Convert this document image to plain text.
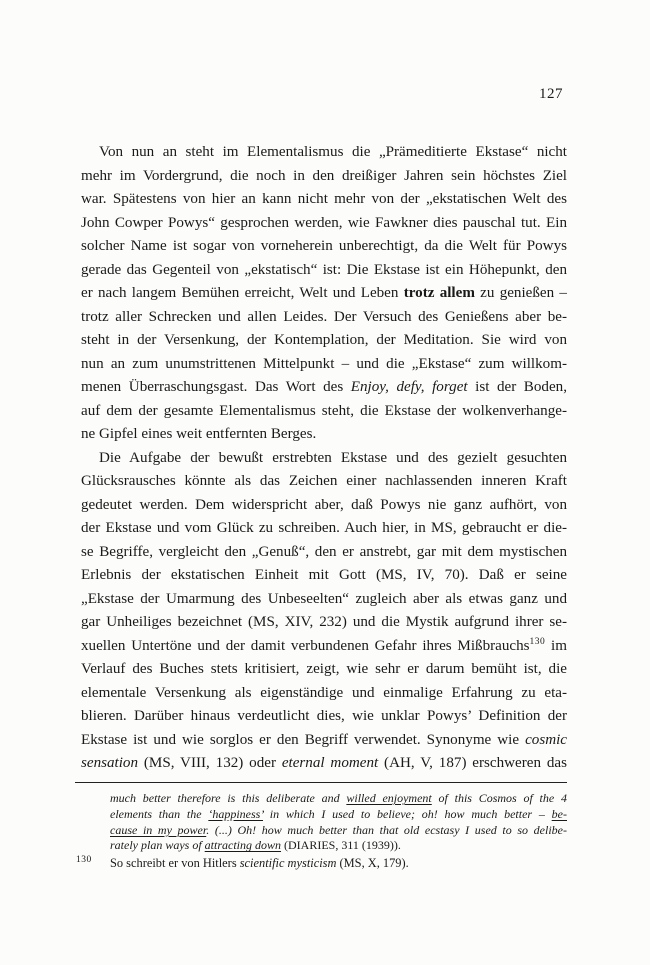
127
Von nun an steht im Elementalismus die „Prämeditierte Ekstase“ nicht
mehr im Vordergrund, die noch in den dreißiger Jahren sein höchstes Ziel
war. Spätestens von hier an kann nicht mehr von der „ekstatischen Welt des
John Cowper Powys“ gesprochen werden, wie Fawkner dies pauschal tut. Ein
solcher Name ist sogar von vorneherein unberechtigt, da die Welt für Powys
gerade das Gegenteil von „ekstatisch“ ist: Die Ekstase ist ein Höhepunkt, den
er nach langem Bemühen erreicht, Welt und Leben trotz allem zu genießen –
trotz aller Schrecken und allen Leides. Der Versuch des Genießens aber be-
steht in der Versenkung, der Kontemplation, der Meditation. Sie wird von
nun an zum unumstrittenen Mittelpunkt – und die „Ekstase“ zum willkom-
menen Überraschungsgast. Das Wort des Enjoy, defy, forget ist der Boden,
auf dem der gesamte Elementalismus steht, die Ekstase der wolkenverhange-
ne Gipfel eines weit entfernten Berges.
Die Aufgabe der bewußt erstrebten Ekstase und des gezielt gesuchten
Glücksrausches könnte als das Zeichen einer nachlassenden inneren Kraft
gedeutet werden. Dem widerspricht aber, daß Powys nie ganz aufhört, von
der Ekstase und vom Glück zu schreiben. Auch hier, in MS, gebraucht er die-
se Begriffe, vergleicht den „Genuß“, den er anstrebt, gar mit dem mystischen
Erlebnis der ekstatischen Einheit mit Gott (MS, IV, 70). Daß er seine
„Ekstase der Umarmung des Unbeseelten“ zugleich aber als etwas ganz und
gar Unheiliges bezeichnet (MS, XIV, 232) und die Mystik aufgrund ihrer se-
xuellen Untertöne und der damit verbundenen Gefahr ihres Mißbrauchs$^{130}$ im
Verlauf des Buches stets kritisiert, zeigt, wie sehr er darum bemüht ist, die
elementale Versenkung als eigenständige und einmalige Erfahrung zu eta-
blieren. Darüber hinaus verdeutlicht dies, wie unklar Powys’ Definition der
Ekstase ist und wie sorglos er den Begriff verwendet. Synonyme wie cosmic
sensation (MS, VIII, 132) oder eternal moment (AH, V, 187) erschweren das
much better therefore is this deliberate and willed enjoyment of this Cosmos of the 4
elements than the ‘happiness’ in which I used to believe; oh! how much better – be-
cause in my power. (...) Oh! how much better than that old ecstasy I used to so delibe-
rately plan ways of attracting down (DIARIES, 311 (1939)).
130 So schreibt er von Hitlers scientific mysticism (MS, X, 179).
